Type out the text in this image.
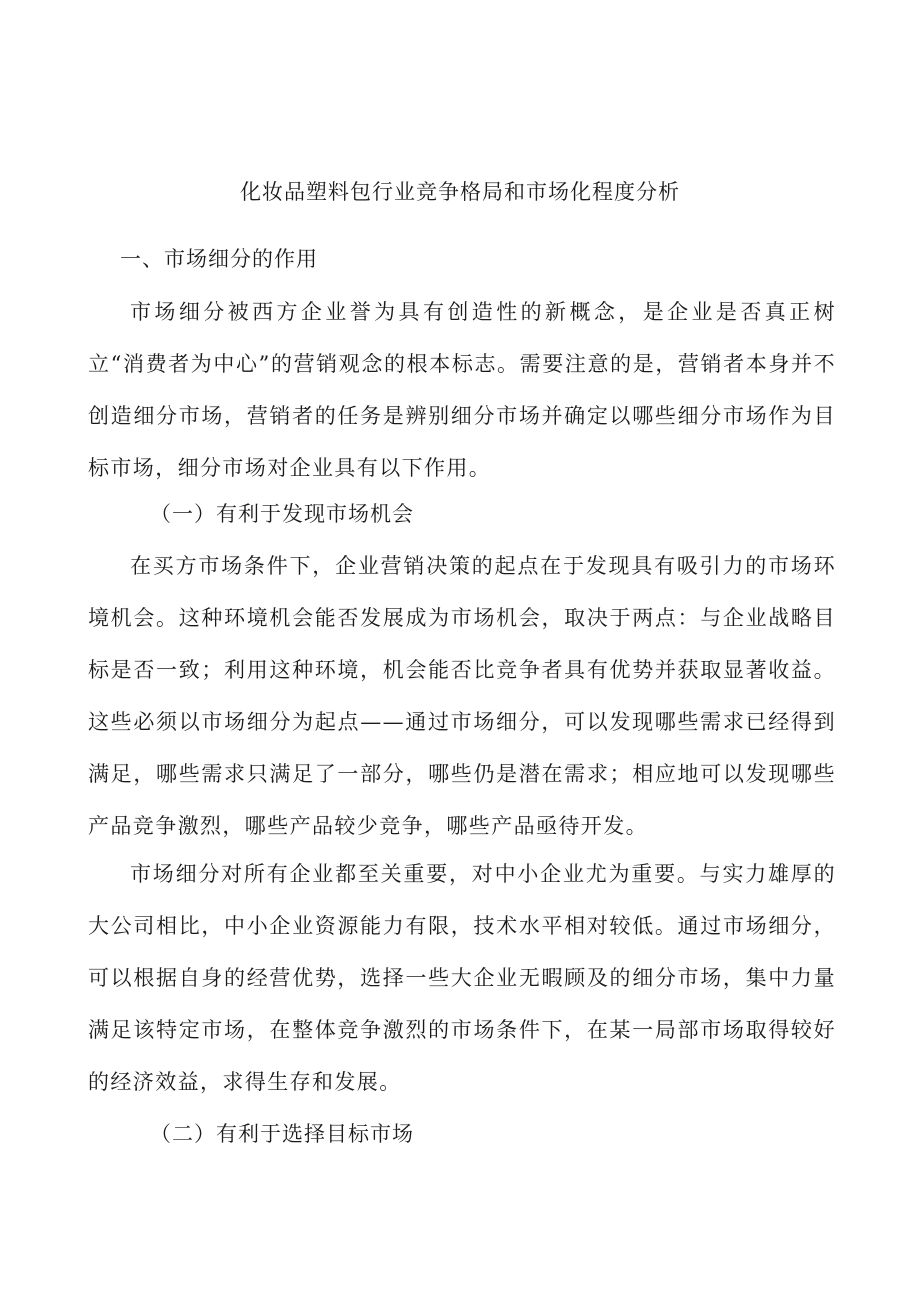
化妆品塑料包行业竞争格局和市场化程度分析
一、市场细分的作用

市场细分被西方企业誉为具有创造性的新概念，是企业是否真正树立“消费者为中心”的营销观念的根本标志。需要注意的是，营销者本身并不创造细分市场，营销者的任务是辨别细分市场并确定以哪些细分市场作为目标市场，细分市场对企业具有以下作用。

（一）有利于发现市场机会

在买方市场条件下，企业营销决策的起点在于发现具有吸引力的市场环境机会。这种环境机会能否发展成为市场机会，取决于两点：与企业战略目标是否一致；利用这种环境，机会能否比竞争者具有优势并获取显著收益。这些必须以市场细分为起点——通过市场细分，可以发现哪些需求已经得到满足，哪些需求只满足了一部分，哪些仍是潜在需求；相应地可以发现哪些产品竞争激烈，哪些产品较少竞争，哪些产品亟待开发。

市场细分对所有企业都至关重要，对中小企业尤为重要。与实力雄厚的大公司相比，中小企业资源能力有限，技术水平相对较低。通过市场细分，可以根据自身的经营优势，选择一些大企业无暇顾及的细分市场，集中力量满足该特定市场，在整体竞争激烈的市场条件下，在某一局部市场取得较好的经济效益，求得生存和发展。

（二）有利于选择目标市场
